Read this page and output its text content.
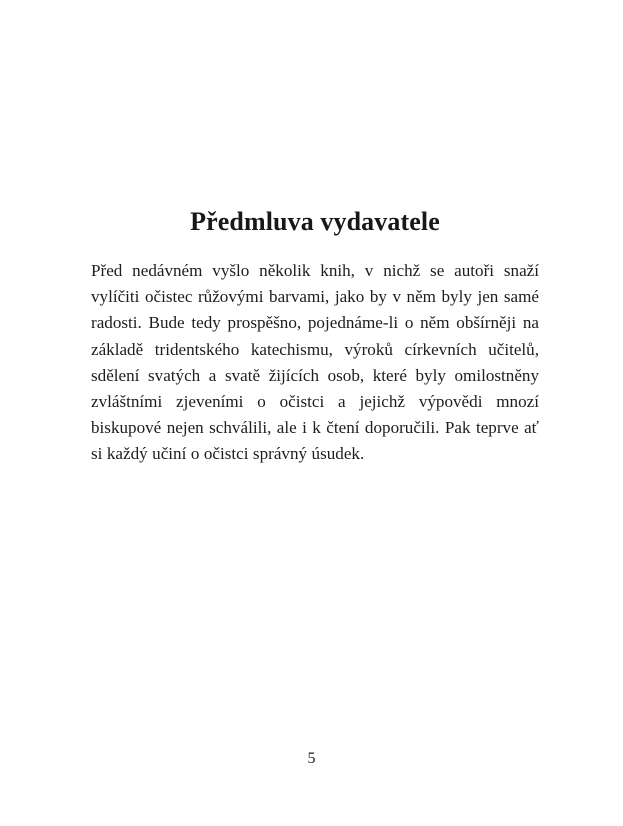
Předmluva vydavatele

Před nedávném vyšlo několik knih, v nichž se autoři snaží vylíčiti očistec růžovými barvami, jako by v něm byly jen samé radosti. Bude tedy prospěšno, pojednáme-li o něm obšírněji na základě tridentského katechismu, výroků církevních učitelů, sdělení svatých a svatě žijících osob, které byly omilostněny zvláštními zjeveními o očistci a jejichž výpovědi mnozí biskupové nejen schválili, ale i k čtení doporučili. Pak teprve ať si každý učiní o očistci správný úsudek.

5
